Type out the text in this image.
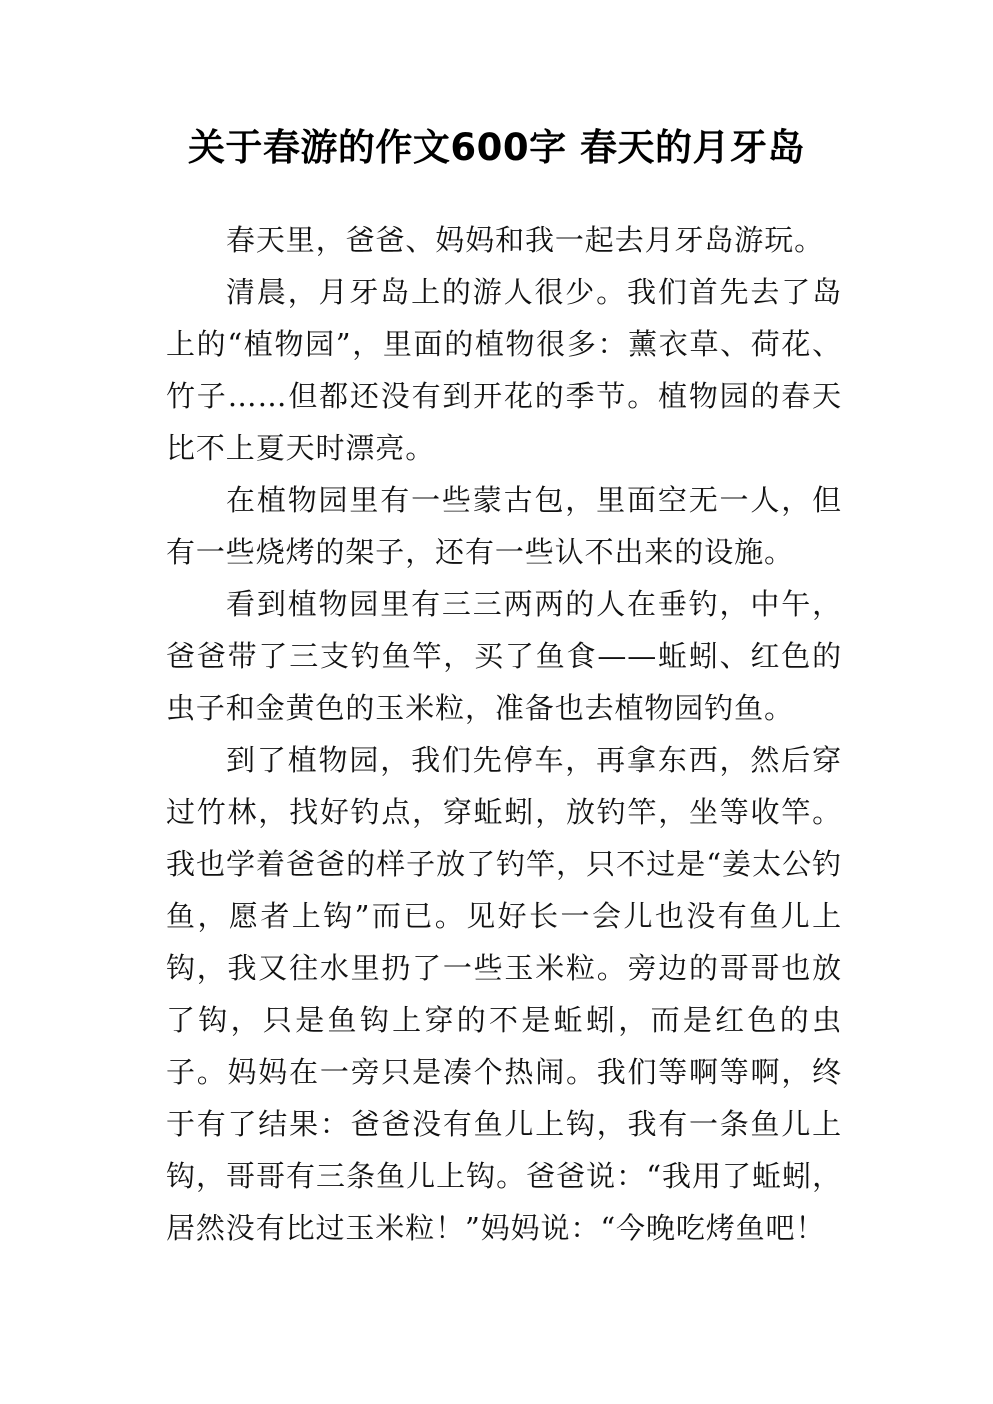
关于春游的作文600字 春天的月牙岛

春天里，爸爸、妈妈和我一起去月牙岛游玩。

清晨，月牙岛上的游人很少。我们首先去了岛上的“植物园”，里面的植物很多：薰衣草、荷花、竹子……但都还没有到开花的季节。植物园的春天比不上夏天时漂亮。

在植物园里有一些蒙古包，里面空无一人，但有一些烧烤的架子，还有一些认不出来的设施。

看到植物园里有三三两两的人在垂钓，中午，爸爸带了三支钓鱼竿，买了鱼食——蚯蚓、红色的虫子和金黄色的玉米粒，准备也去植物园钓鱼。

到了植物园，我们先停车，再拿东西，然后穿过竹林，找好钓点，穿蚯蚓，放钓竿，坐等收竿。我也学着爸爸的样子放了钓竿，只不过是“姜太公钓鱼，愿者上钩”而已。见好长一会儿也没有鱼儿上钩，我又往水里扔了一些玉米粒。旁边的哥哥也放了钩，只是鱼钩上穿的不是蚯蚓，而是红色的虫子。妈妈在一旁只是凑个热闹。我们等啊等啊，终于有了结果：爸爸没有鱼儿上钩，我有一条鱼儿上钩，哥哥有三条鱼儿上钩。爸爸说：“我用了蚯蚓，居然没有比过玉米粒！”妈妈说：“今晚吃烤鱼吧！
